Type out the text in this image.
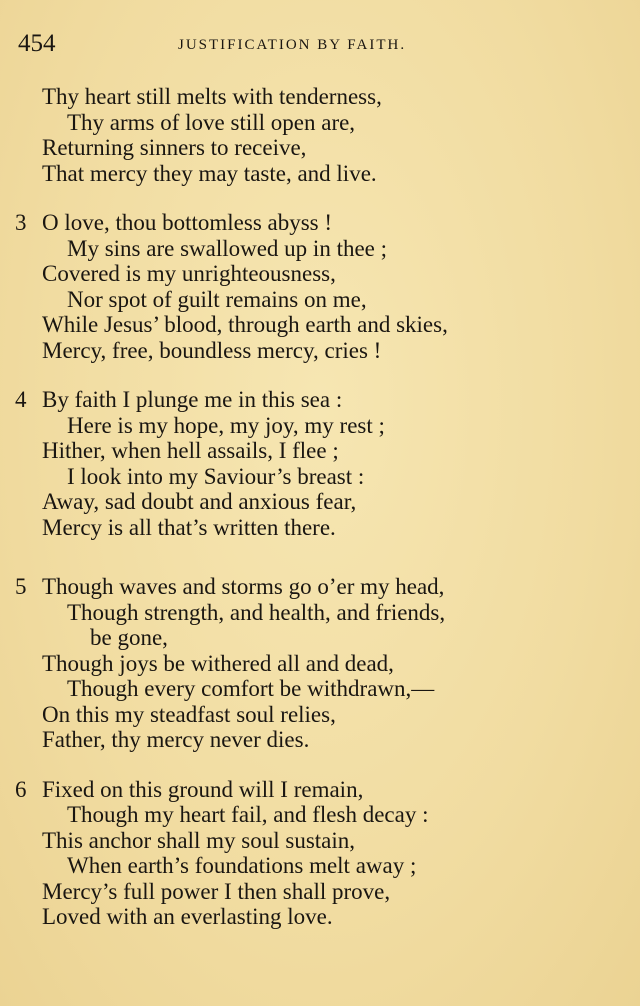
454	JUSTIFICATION BY FAITH.
Thy heart still melts with tenderness,
Thy arms of love still open are,
Returning sinners to receive,
That mercy they may taste, and live.
3 O love, thou bottomless abyss !
My sins are swallowed up in thee ;
Covered is my unrighteousness,
Nor spot of guilt remains on me,
While Jesus’ blood, through earth and skies,
Mercy, free, boundless mercy, cries !
4 By faith I plunge me in this sea :
Here is my hope, my joy, my rest ;
Hither, when hell assails, I flee ;
I look into my Saviour’s breast :
Away, sad doubt and anxious fear,
Mercy is all that’s written there.
5 Though waves and storms go o’er my head,
Though strength, and health, and friends,
be gone,
Though joys be withered all and dead,
Though every comfort be withdrawn,—
On this my steadfast soul relies,
Father, thy mercy never dies.
6 Fixed on this ground will I remain,
Though my heart fail, and flesh decay :
This anchor shall my soul sustain,
When earth’s foundations melt away ;
Mercy’s full power I then shall prove,
Loved with an everlasting love.
